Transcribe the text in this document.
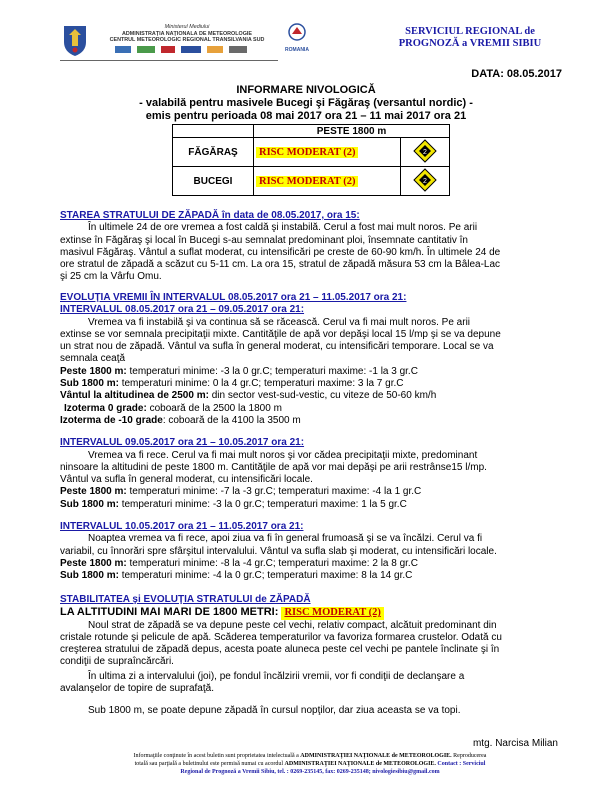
Ministerul Mediului
ADMINISTRAȚIA NAȚIONALĂ DE METEOROLOGIE
CENTRUL METEOROLOGIC REGIONAL TRANSILVANIA SUD
ROMANIA
SERVICIUL REGIONAL de PROGNOZĂ a VREMII SIBIU
DATA: 08.05.2017
INFORMARE NIVOLOGICĂ
- valabilă pentru masivele Bucegi şi Făgăraş (versantul nordic) -
emis pentru perioada 08 mai 2017 ora 21 – 11 mai 2017 ora 21
	PESTE 1800 m	
FĂGĂRAŞ	RISC MODERAT (2)	2

BUCEGI	RISC MODERAT (2)	2
STAREA STRATULUI DE ZĂPADĂ în data de 08.05.2017, ora 15:

În ultimele 24 de ore vremea a fost caldă şi instabilă. Cerul a fost mai mult noros. Pe arii

extinse în Făgăraş şi local în Bucegi s-au semnalat predominant ploi, însemnate cantitativ în

masivul Făgăraş. Vântul a suflat moderat, cu intensificări pe creste de 60-90 km/h. În ultimele 24 de

ore stratul de zăpadă a scăzut cu 5-11 cm. La ora 15, stratul de zăpadă măsura 53 cm la Bâlea-Lac

şi 25 cm la Vârfu Omu.

EVOLUŢIA VREMII ÎN INTERVALUL 08.05.2017 ora 21 – 11.05.2017 ora 21:
INTERVALUL 08.05.2017 ora 21 – 09.05.2017 ora 21:

Vremea va fi instabilă şi va continua să se răcească. Cerul va fi mai mult noros. Pe arii

extinse se vor semnala precipitaţii mixte. Cantităţile de apă vor depăşi local 15 l/mp şi se va depune

un strat nou de zăpadă. Vântul va sufla în general moderat, cu intensificări temporare. Local se va

semnala ceaţă

Peste 1800 m: temperaturi minime: -3 la 0 gr.C; temperaturi maxime: -1 la 3 gr.C

Sub 1800 m: temperaturi minime: 0 la 4 gr.C; temperaturi maxime: 3 la 7 gr.C

Vântul la altitudinea de 2500 m: din sector vest-sud-vestic, cu viteze de 50-60 km/h

Izoterma 0 grade: coboară de la 2500 la 1800 m

Izoterma de -10 grade: coboară de la 4100 la 3500 m

INTERVALUL 09.05.2017 ora 21 – 10.05.2017 ora 21:

Vremea va fi rece. Cerul va fi mai mult noros şi vor cădea precipitaţii mixte, predominant

ninsoare la altitudini de peste 1800 m. Cantităţile de apă vor mai depăşi pe arii restrânse15 l/mp.

Vântul va sufla în general moderat, cu intensificări locale.

Peste 1800 m: temperaturi minime: -7 la -3 gr.C; temperaturi maxime: -4 la 1 gr.C

Sub 1800 m: temperaturi minime: -3 la 0 gr.C; temperaturi maxime: 1 la 5 gr.C

INTERVALUL 10.05.2017 ora 21 – 11.05.2017 ora 21:

Noaptea vremea va fi rece, apoi ziua va fi în general frumoasă şi se va încălzi. Cerul va fi

variabil, cu înnorări spre sfârşitul intervalului. Vântul va sufla slab şi moderat, cu intensificări locale.

Peste 1800 m: temperaturi minime: -8 la -4 gr.C; temperaturi maxime: 2 la 8 gr.C

Sub 1800 m: temperaturi minime: -4 la 0 gr.C; temperaturi maxime: 8 la 14 gr.C

STABILITATEA şi EVOLUŢIA STRATULUI de ZĂPADĂ

LA ALTITUDINI MAI MARI DE 1800 METRI: RISC MODERAT (2)

Noul strat de zăpadă se va depune peste cel vechi, relativ compact, alcătuit predominant din

cristale rotunde şi pelicule de apă. Scăderea temperaturilor va favoriza formarea crustelor. Odată cu

creşterea stratului de zăpadă depus, acesta poate aluneca peste cel vechi pe pantele înclinate şi în

condiţii de supraîncărcări.

În ultima zi a intervalului (joi), pe fondul încălzirii vremii, vor fi condiţii de declanşare a

avalanşelor de topire de suprafaţă.

Sub 1800 m, se poate depune zăpadă în cursul nopţilor, dar ziua aceasta se va topi.

mtg. Narcisa Milian
Informaţiile conţinute în acest buletin sunt proprietatea intelectuală a ADMINISTRAŢIEI NAŢIONALE de METEOROLOGIE. Reproducerea
totală sau parţială a buletinului este permisă numai cu acordul ADMINISTRAŢIEI NAŢIONALE de METEOROLOGIE. Contact : Serviciul
Regional de Prognoză a Vremii Sibiu, tel. : 0269-235145, fax: 0269-235148; nivologiesibiu@gmail.com
